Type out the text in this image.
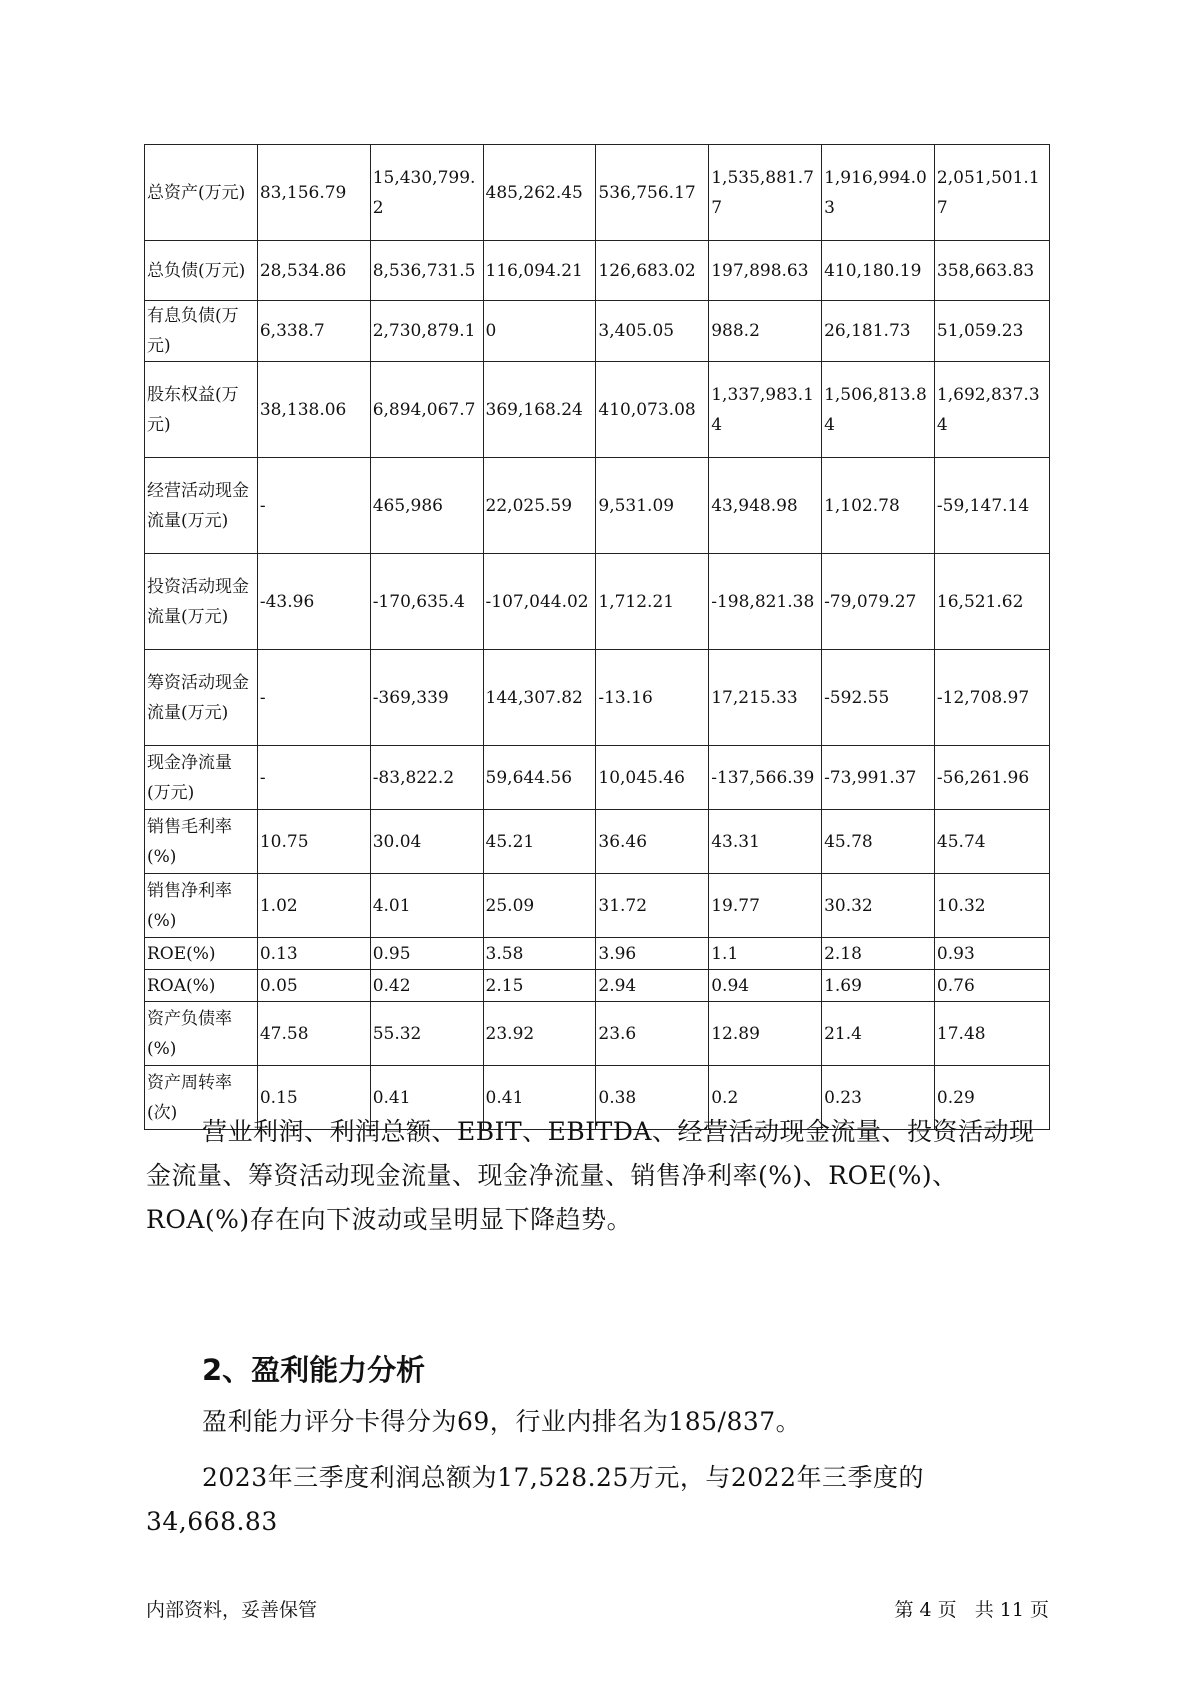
总资产(万元)	83,156.79	15,430,799.2	485,262.45	536,756.17	1,535,881.77	1,916,994.03	2,051,501.17
总负债(万元)	28,534.86	8,536,731.5	116,094.21	126,683.02	197,898.63	410,180.19	358,663.83
有息负债(万元)	6,338.7	2,730,879.1	0	3,405.05	988.2	26,181.73	51,059.23
股东权益(万元)	38,138.06	6,894,067.7	369,168.24	410,073.08	1,337,983.14	1,506,813.84	1,692,837.34
经营活动现金流量(万元)	-	465,986	22,025.59	9,531.09	43,948.98	1,102.78	-59,147.14
投资活动现金流量(万元)	-43.96	-170,635.4	-107,044.02	1,712.21	-198,821.38	-79,079.27	16,521.62
筹资活动现金流量(万元)	-	-369,339	144,307.82	-13.16	17,215.33	-592.55	-12,708.97
现金净流量(万元)	-	-83,822.2	59,644.56	10,045.46	-137,566.39	-73,991.37	-56,261.96
销售毛利率(%)	10.75	30.04	45.21	36.46	43.31	45.78	45.74
销售净利率(%)	1.02	4.01	25.09	31.72	19.77	30.32	10.32
ROE(%)	0.13	0.95	3.58	3.96	1.1	2.18	0.93
ROA(%)	0.05	0.42	2.15	2.94	0.94	1.69	0.76
资产负债率(%)	47.58	55.32	23.92	23.6	12.89	21.4	17.48
资产周转率(次)	0.15	0.41	0.41	0.38	0.2	0.23	0.29

营业利润、利润总额、EBIT、EBITDA、经营活动现金流量、投资活动现金流量、筹资活动现金流量、现金净流量、销售净利率(%)、ROE(%)、ROA(%)存在向下波动或呈明显下降趋势。

2、盈利能力分析

盈利能力评分卡得分为69，行业内排名为185/837。

2023年三季度利润总额为17,528.25万元，与2022年三季度的34,668.83

内部资料，妥善保管	第 4 页   共 11 页
